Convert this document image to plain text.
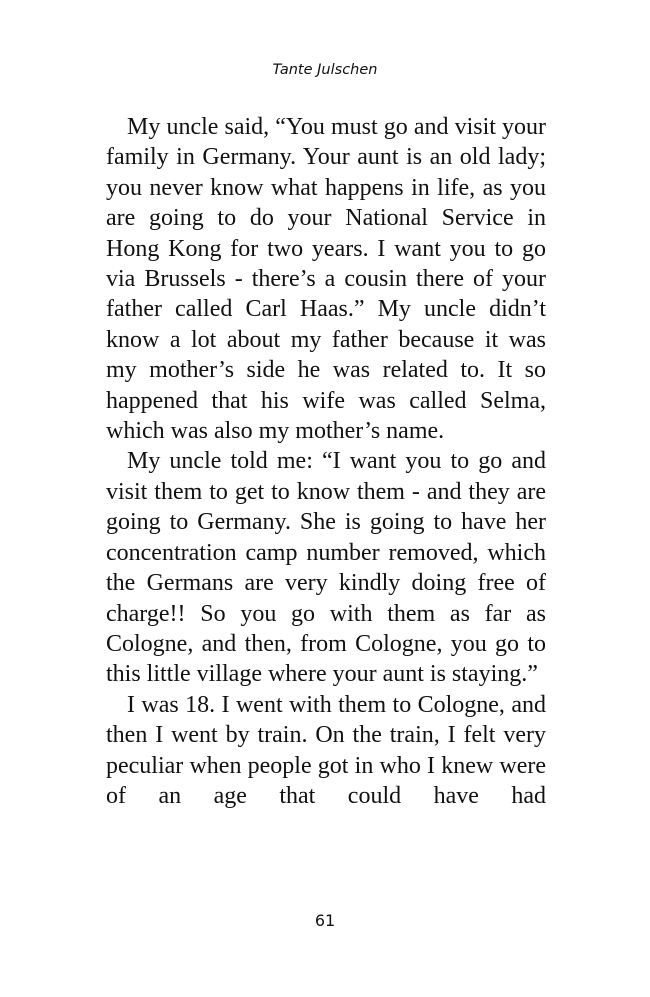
Tante Julschen

My uncle said, “You must go and visit your family in Germany. Your aunt is an old lady; you never know what happens in life, as you are going to do your National Service in Hong Kong for two years. I want you to go via Brussels - there’s a cousin there of your father called Carl Haas.” My uncle didn’t know a lot about my father because it was my mother’s side he was related to. It so happened that his wife was called Selma, which was also my mother’s name.

My uncle told me: “I want you to go and visit them to get to know them - and they are going to Germany. She is going to have her concentration camp number removed, which the Germans are very kindly doing free of charge!! So you go with them as far as Cologne, and then, from Cologne, you go to this little village where your aunt is staying.”

I was 18. I went with them to Cologne, and then I went by train. On the train, I felt very peculiar when people got in who I knew were of an age that could have had

61
